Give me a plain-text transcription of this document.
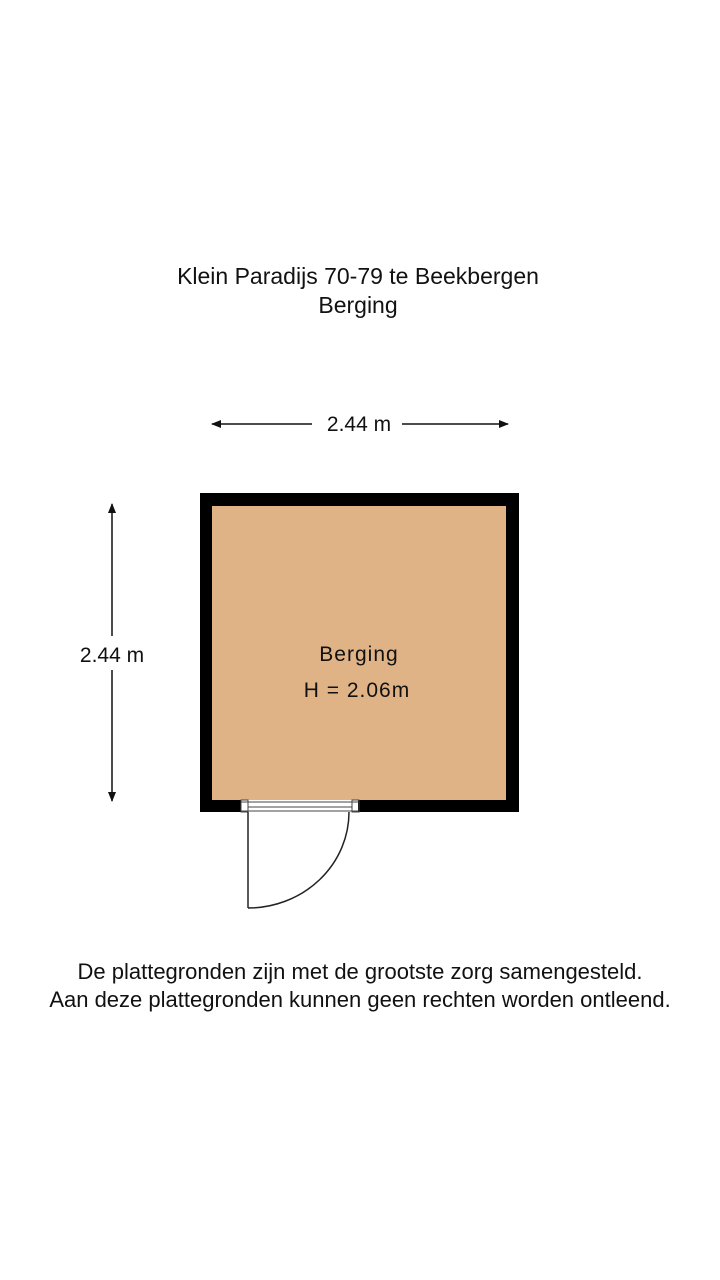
Klein Paradijs 70-79 te Beekbergen
Berging
2.44 m
2.44 m	Berging
H = 2.06m
De plattegronden zijn met de grootste zorg samengesteld.
Aan deze plattegronden kunnen geen rechten worden ontleend.
